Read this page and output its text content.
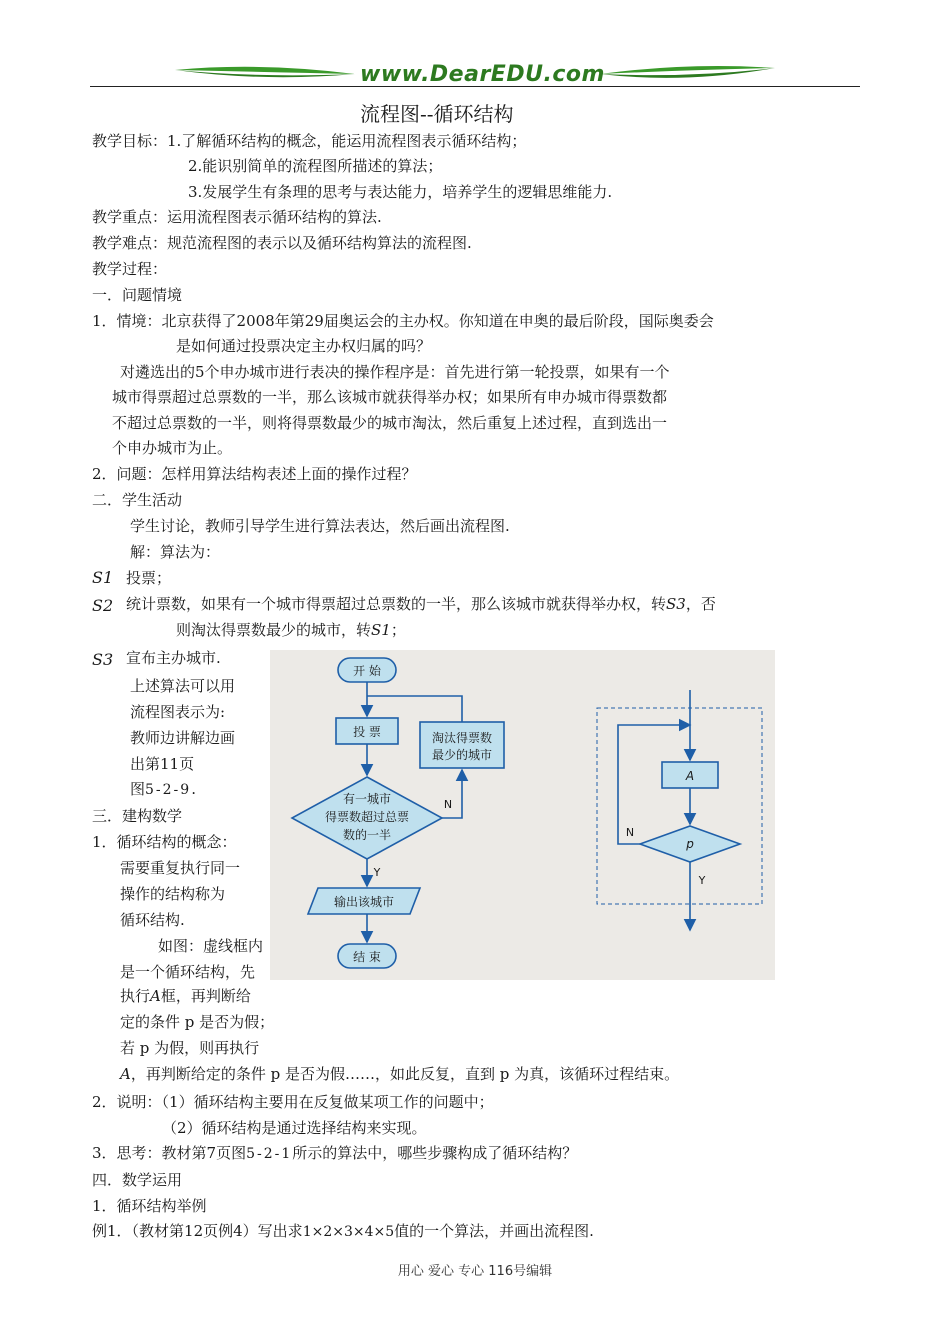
www.DearEDU.com
流程图--循环结构
教学目标：1.了解循环结构的概念，能运用流程图表示循环结构；
2.能识别简单的流程图所描述的算法；
3.发展学生有条理的思考与表达能力，培养学生的逻辑思维能力.
教学重点：运用流程图表示循环结构的算法.
教学难点：规范流程图的表示以及循环结构算法的流程图.
教学过程：
一．问题情境
1．情境：北京获得了2008年第29届奥运会的主办权。你知道在申奥的最后阶段，国际奥委会
是如何通过投票决定主办权归属的吗？
对遴选出的5个申办城市进行表决的操作程序是：首先进行第一轮投票，如果有一个
城市得票超过总票数的一半，那么该城市就获得举办权；如果所有申办城市得票数都
不超过总票数的一半，则将得票数最少的城市淘汰，然后重复上述过程，直到选出一
个申办城市为止。
2．问题：怎样用算法结构表述上面的操作过程？
二．学生活动
学生讨论，教师引导学生进行算法表达，然后画出流程图.
解：算法为：
S1 投票；
S2 统计票数，如果有一个城市得票超过总票数的一半，那么该城市就获得举办权，转S3，否
则淘汰得票数最少的城市，转S1；
S3 宣布主办城市.
上述算法可以用
流程图表示为:
教师边讲解边画
出第11页
图5-2-9.
三．建构数学
1．循环结构的概念：
需要重复执行同一
操作的结构称为
循环结构.
如图：虚线框内
是一个循环结构，先
执行A框，再判断给
定的条件 p 是否为假；
若 p 为假，则再执行
A，再判断给定的条件 p 是否为假……，如此反复，直到 p 为真，该循环过程结束。
2．说明：（1）循环结构主要用在反复做某项工作的问题中；
（2）循环结构是通过选择结构来实现。
3．思考：教材第7页图5-2-1所示的算法中，哪些步骤构成了循环结构？
四．数学运用
1．循环结构举例
例1．（教材第12页例4）写出求1×2×3×4×5值的一个算法，并画出流程图.
开 始
投 票	淘汰得票数
最少的城市
有一城市
得票数超过总票
数的一半
N
Y
输出该城市
结 束
A
p
N
Y
用心 爱心 专心 116号编辑
